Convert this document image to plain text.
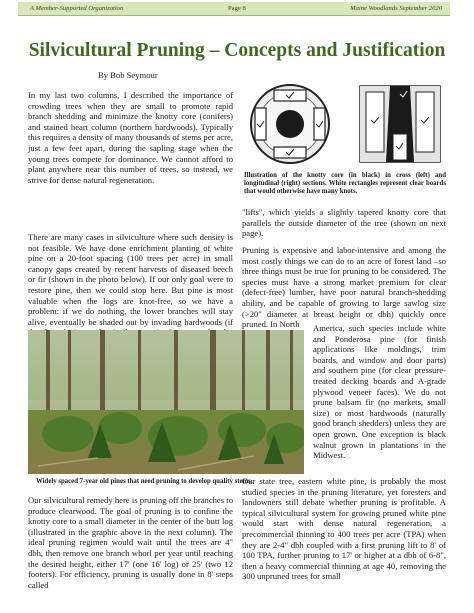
A Member-Supported Organization	Page 8	Maine Woodlands September 2020
Silvicultural Pruning – Concepts and Justification
By Bob Seymour

In my last two columns, I described the importance of crowding trees when they are small to promote rapid branch shedding and minimize the knotty core (conifers) and stained heart column (northern hardwoods). Typically this requires a density of many thousands of stems per acre, just a few feet apart, during the sapling stage when the young trees compete for dominance. We cannot afford to plant anywhere near this number of trees, so instead, we strive for dense natural regeneration.

There are many cases in silviculture where such density is not feasible. We have done enrichment planting of white pine on a 20-foot spacing (100 trees per acre) in small canopy gaps created by recent harvests of diseased beech or fir (shown in the photo below). If our only goal were to restore pine, then we could stop here. But pine is most valuable when the logs are knot-free, so we have a problem: if we do nothing, the lower branches will stay alive, eventually be shaded out by invading hardwoods (if

Illustration of the knotty core (in black) in cross (left) and longitudinal (right) sections. White rectangles represent clear boards that would otherwise have many knots.

"lifts", which yields a slightly tapered knotty core that parallels the outside diameter of the tree (shown on next page).

Pruning is expensive and labor-intensive and among the most costly things we can do to an acre of forest land –so three things must be true for pruning to be considered. The species must have a strong market premium for clear (defect-free) lumber, have poor natural branch-shedding ability, and be capable of growing to large sawlog size (>20" diameter at breast height or dbh) quickly once pruned. In North	America, such species include white and Ponderosa pine (for finish applications like moldings, trim boards, and window and door parts) and southern pine (for clear pressure-treated decking boards and A-grade plywood veneer faces). We do not prune balsam fir (no markets, small size) or most hardwoods (naturally good branch shedders) unless they are open grown. One exception is black walnut grown in plantations in the Midwest.

Widely spaced 7-year old pines that need pruning to develop quality stems.

Our silvicultural remedy here is pruning off the branches to produce clearwood. The goal of pruning is to confine the knotty core to a small diameter in the center of the butt log (illustrated in the graphic above in the next column). The ideal pruning regimen would wait until the trees are 4" dbh, then remove one branch whorl per year until reaching the desired height, either 17' (one 16' log) or 25' (two 12 footers). For efficiency, pruning is usually done in 8' steps called

Our state tree, eastern white pine, is probably the most studied species in the pruning literature, yet foresters and landowners still debate whether pruning is profitable. A typical silvicultural system for growing pruned white pine would start with dense natural regeneration, a precommercial thinning to 400 trees per acre (TPA) when they are 2-4" dbh coupled with a first pruning lift to 8' of 100 TPA, further pruning to 17' or higher at a dbh of 6-8", then a heavy commercial thinning at age 40, removing the 300 unpruned trees for small
